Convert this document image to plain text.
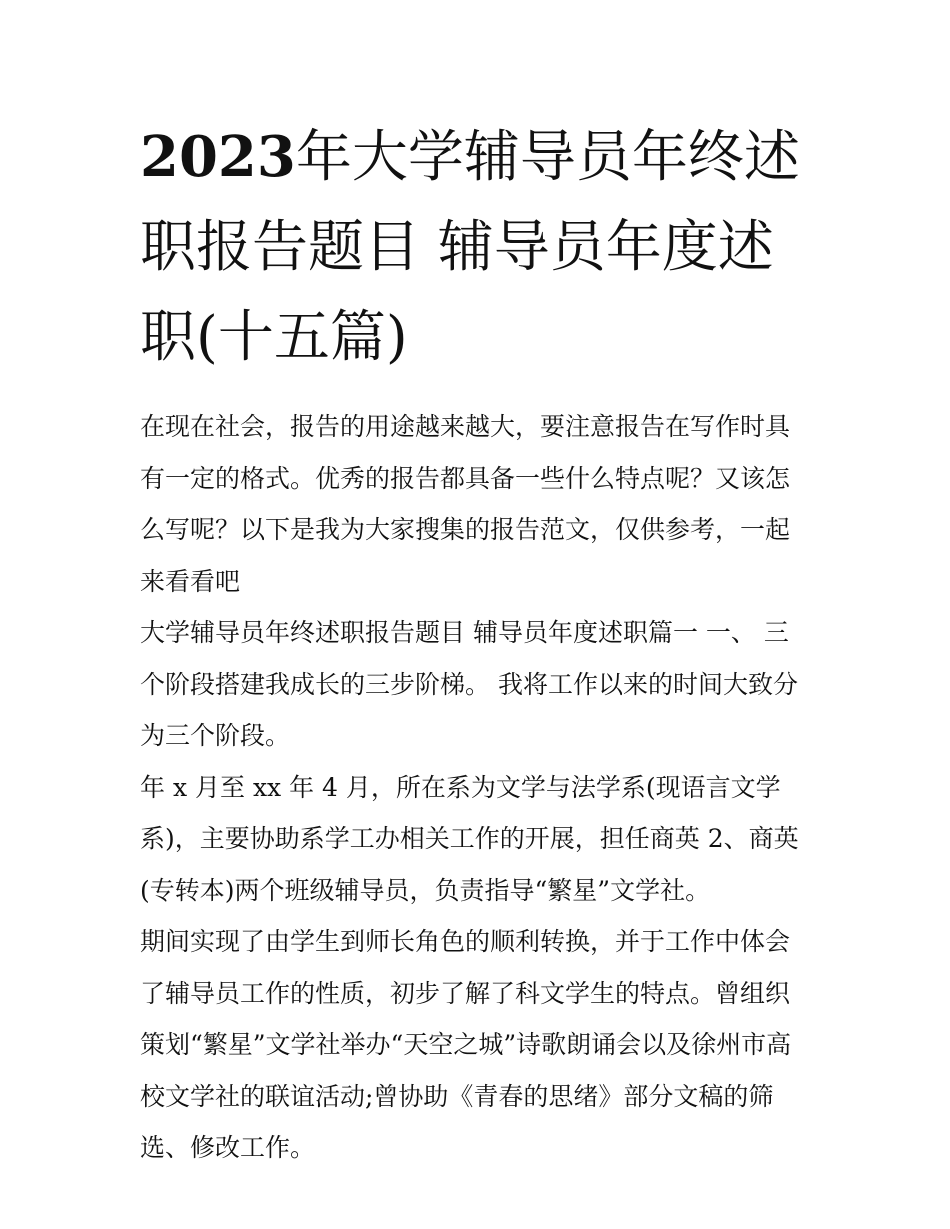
2023年大学辅导员年终述职报告题目 辅导员年度述职(十五篇)

在现在社会，报告的用途越来越大，要注意报告在写作时具有一定的格式。优秀的报告都具备一些什么特点呢？又该怎么写呢？以下是我为大家搜集的报告范文，仅供参考，一起来看看吧

大学辅导员年终述职报告题目 辅导员年度述职篇一 一、 三个阶段搭建我成长的三步阶梯。 我将工作以来的时间大致分为三个阶段。

年 x 月至 xx 年 4 月，所在系为文学与法学系(现语言文学系)，主要协助系学工办相关工作的开展，担任商英 2、商英(专转本)两个班级辅导员，负责指导“繁星”文学社。

期间实现了由学生到师长角色的顺利转换，并于工作中体会了辅导员工作的性质，初步了解了科文学生的特点。曾组织策划“繁星”文学社举办“天空之城”诗歌朗诵会以及徐州市高校文学社的联谊活动;曾协助《青春的思绪》部分文稿的筛选、修改工作。
